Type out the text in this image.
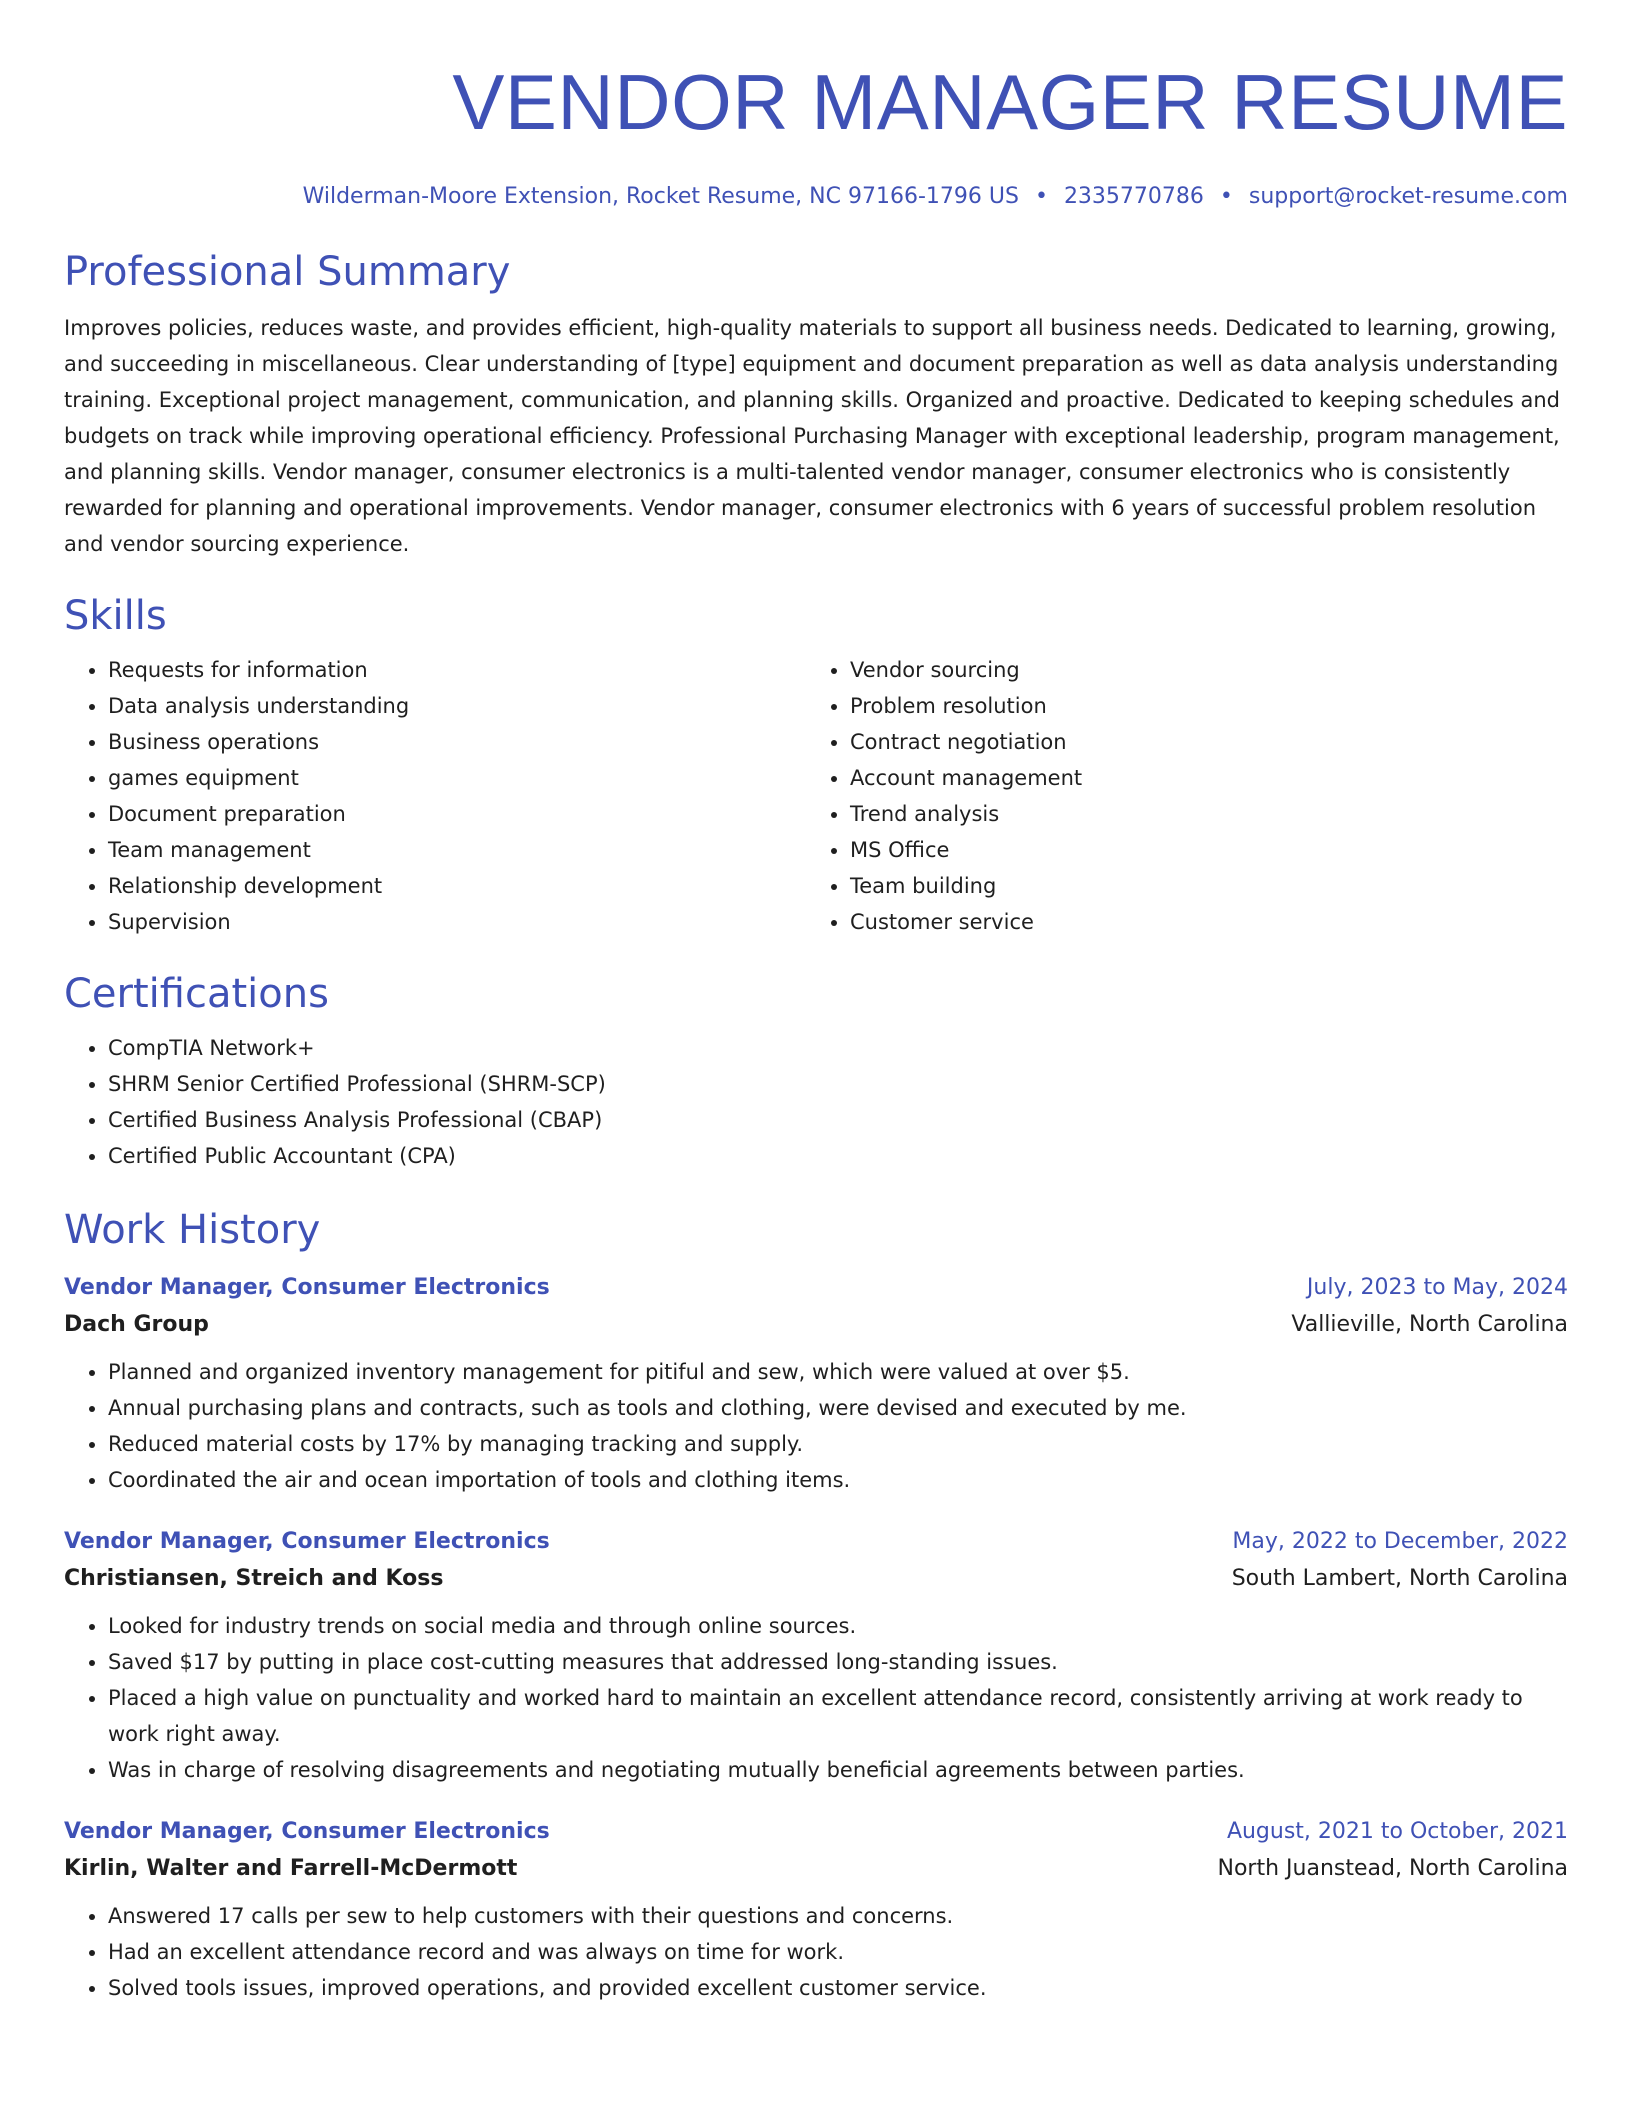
VENDOR MANAGER RESUME
Wilderman-Moore Extension, Rocket Resume, NC 97166-1796 US • 2335770786 • support@rocket-resume.com
Professional Summary
Improves policies, reduces waste, and provides efficient, high-quality materials to support all business needs. Dedicated to learning, growing, and succeeding in miscellaneous. Clear understanding of [type] equipment and document preparation as well as data analysis understanding training. Exceptional project management, communication, and planning skills. Organized and proactive. Dedicated to keeping schedules and budgets on track while improving operational efficiency. Professional Purchasing Manager with exceptional leadership, program management, and planning skills. Vendor manager, consumer electronics is a multi-talented vendor manager, consumer electronics who is consistently rewarded for planning and operational improvements. Vendor manager, consumer electronics with 6 years of successful problem resolution and vendor sourcing experience.
Skills
• Requests for information
• Data analysis understanding
• Business operations
• games equipment
• Document preparation
• Team management
• Relationship development
• Supervision
• Vendor sourcing
• Problem resolution
• Contract negotiation
• Account management
• Trend analysis
• MS Office
• Team building
• Customer service
Certifications
• CompTIA Network+
• SHRM Senior Certified Professional (SHRM-SCP)
• Certified Business Analysis Professional (CBAP)
• Certified Public Accountant (CPA)
Work History
Vendor Manager, Consumer Electronics	July, 2023 to May, 2024
Dach Group	Vallieville, North Carolina
• Planned and organized inventory management for pitiful and sew, which were valued at over $5.
• Annual purchasing plans and contracts, such as tools and clothing, were devised and executed by me.
• Reduced material costs by 17% by managing tracking and supply.
• Coordinated the air and ocean importation of tools and clothing items.
Vendor Manager, Consumer Electronics	May, 2022 to December, 2022
Christiansen, Streich and Koss	South Lambert, North Carolina
• Looked for industry trends on social media and through online sources.
• Saved $17 by putting in place cost-cutting measures that addressed long-standing issues.
• Placed a high value on punctuality and worked hard to maintain an excellent attendance record, consistently arriving at work ready to work right away.
• Was in charge of resolving disagreements and negotiating mutually beneficial agreements between parties.
Vendor Manager, Consumer Electronics	August, 2021 to October, 2021
Kirlin, Walter and Farrell-McDermott	North Juanstead, North Carolina
• Answered 17 calls per sew to help customers with their questions and concerns.
• Had an excellent attendance record and was always on time for work.
• Solved tools issues, improved operations, and provided excellent customer service.
